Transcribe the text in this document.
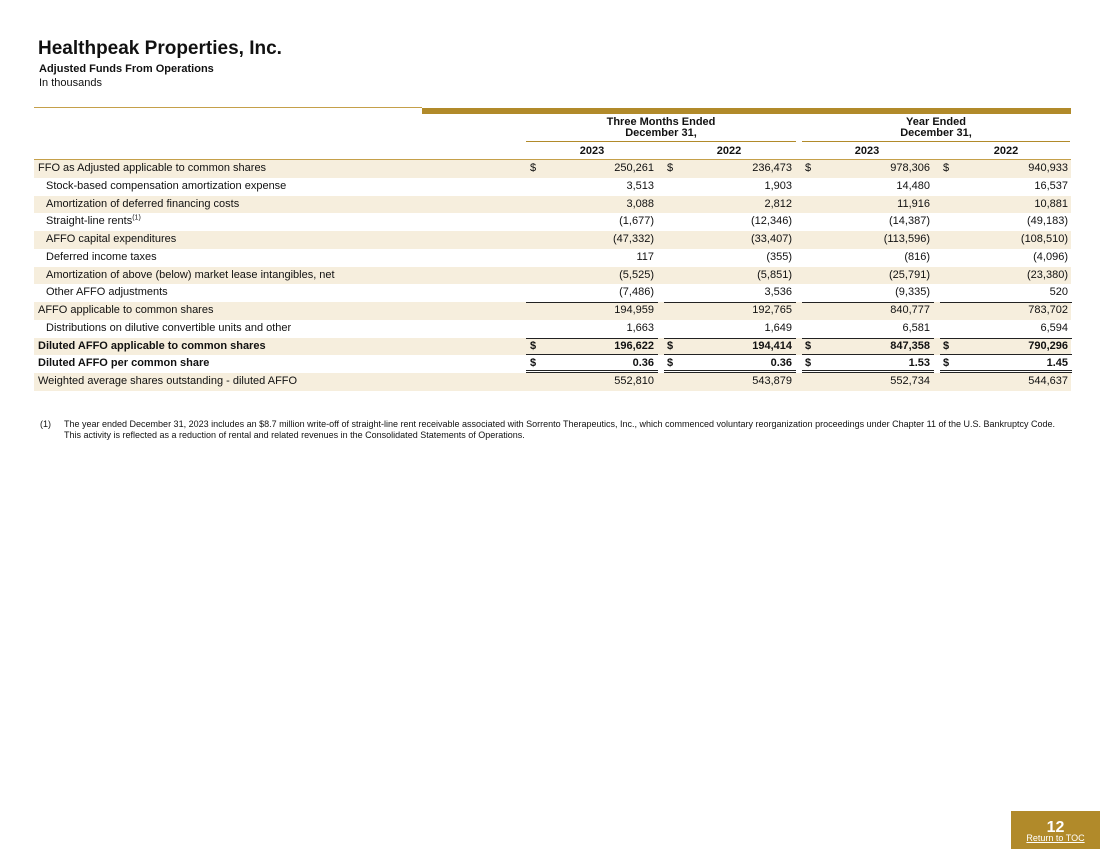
Healthpeak Properties, Inc.
Adjusted Funds From Operations
In thousands
Three Months Ended
December 31,
Year Ended
December 31,
2023	2022	2023	2022
FFO as Adjusted applicable to common shares	$	250,261 $	236,473 $	978,306 $	940,933
Stock-based compensation amortization expense	3,513	1,903	14,480	16,537
Amortization of deferred financing costs	3,088	2,812	11,916	10,881
Straight-line rents$^{(1)}$	(1,677)	(12,346)	(14,387)	(49,183)
AFFO capital expenditures	(47,332)	(33,407)	(113,596)	(108,510)
Deferred income taxes	117	(355)	(816)	(4,096)
Amortization of above (below) market lease intangibles, net	(5,525)	(5,851)	(25,791)	(23,380)
Other AFFO adjustments	(7,486)	3,536	(9,335)	520
AFFO applicable to common shares	194,959	192,765	840,777	783,702
Distributions on dilutive convertible units and other	1,663	1,649	6,581	6,594
Diluted AFFO applicable to common shares	$	196,622 $	194,414 $	847,358 $	790,296
Diluted AFFO per common share	$	0.36 $	0.36 $	1.53 $	1.45
Weighted average shares outstanding - diluted AFFO	552,810	543,879	552,734	544,637
(1) The year ended December 31, 2023 includes an $8.7 million write-off of straight-line rent receivable associated with Sorrento Therapeutics, Inc., which commenced voluntary reorganization proceedings under Chapter 11 of the U.S. Bankruptcy Code. This activity is reflected as a reduction of rental and related revenues in the Consolidated Statements of Operations.
12
Return to TOC
